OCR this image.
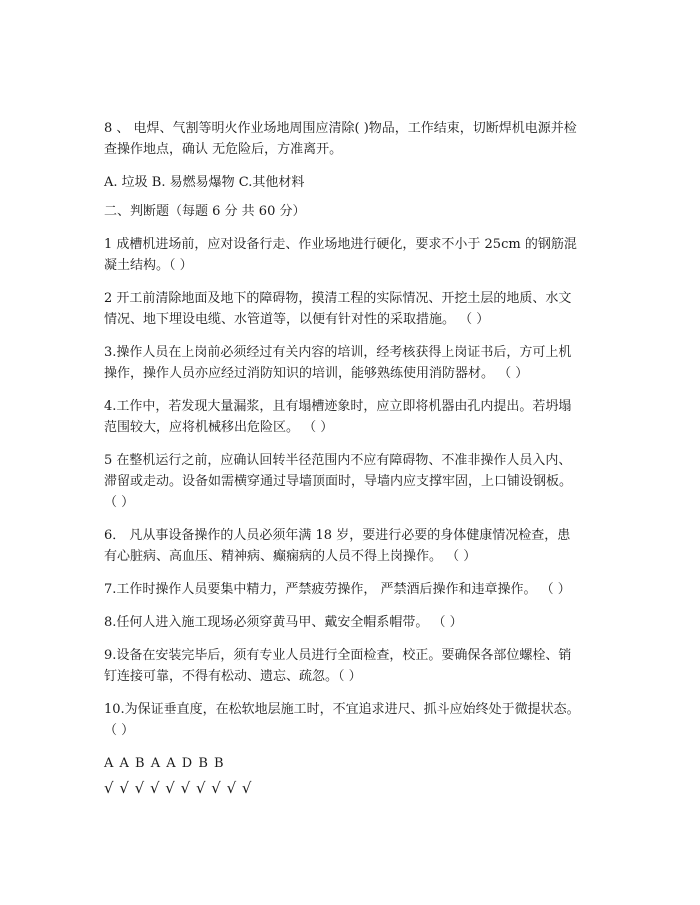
8 、 电焊、气割等明火作业场地周围应清除( )物品，工作结束，切断焊机电源并检
查操作地点，确认 无危险后，方准离开。
A. 垃圾 B. 易燃易爆物 C.其他材料
二、判断题（每题 6 分 共 60 分）
1 成槽机进场前，应对设备行走、作业场地进行硬化，要求不小于 25cm 的钢筋混
凝土结构。（ ）
2 开工前清除地面及地下的障碍物，摸清工程的实际情况、开挖土层的地质、水文
情况、地下埋设电缆、水管道等，以便有针对性的采取措施。 （ ）
3.操作人员在上岗前必须经过有关内容的培训，经考核获得上岗证书后，方可上机
操作，操作人员亦应经过消防知识的培训，能够熟练使用消防器材。 （ ）
4.工作中，若发现大量漏浆，且有塌槽迹象时，应立即将机器由孔内提出。若坍塌
范围较大，应将机械移出危险区。 （ ）
5 在整机运行之前，应确认回转半径范围内不应有障碍物、不准非操作人员入内、
滞留或走动。设备如需横穿通过导墙顶面时，导墙内应支撑牢固，上口铺设钢板。
（ ）
6． 凡从事设备操作的人员必须年满 18 岁，要进行必要的身体健康情况检查，患
有心脏病、高血压、精神病、癫痫病的人员不得上岗操作。 （ ）
7.工作时操作人员要集中精力，严禁疲劳操作， 严禁酒后操作和违章操作。 （ ）
8.任何人进入施工现场必须穿黄马甲、戴安全帽系帽带。 （ ）
9.设备在安装完毕后，须有专业人员进行全面检查，校正。要确保各部位螺栓、销
钉连接可靠，不得有松动、遗忘、疏忽。（ ）
10.为保证垂直度，在松软地层施工时，不宜追求进尺、抓斗应始终处于微提状态。
（ ）
A A B A A D B B
√ √ √ √ √ √ √ √ √ √
